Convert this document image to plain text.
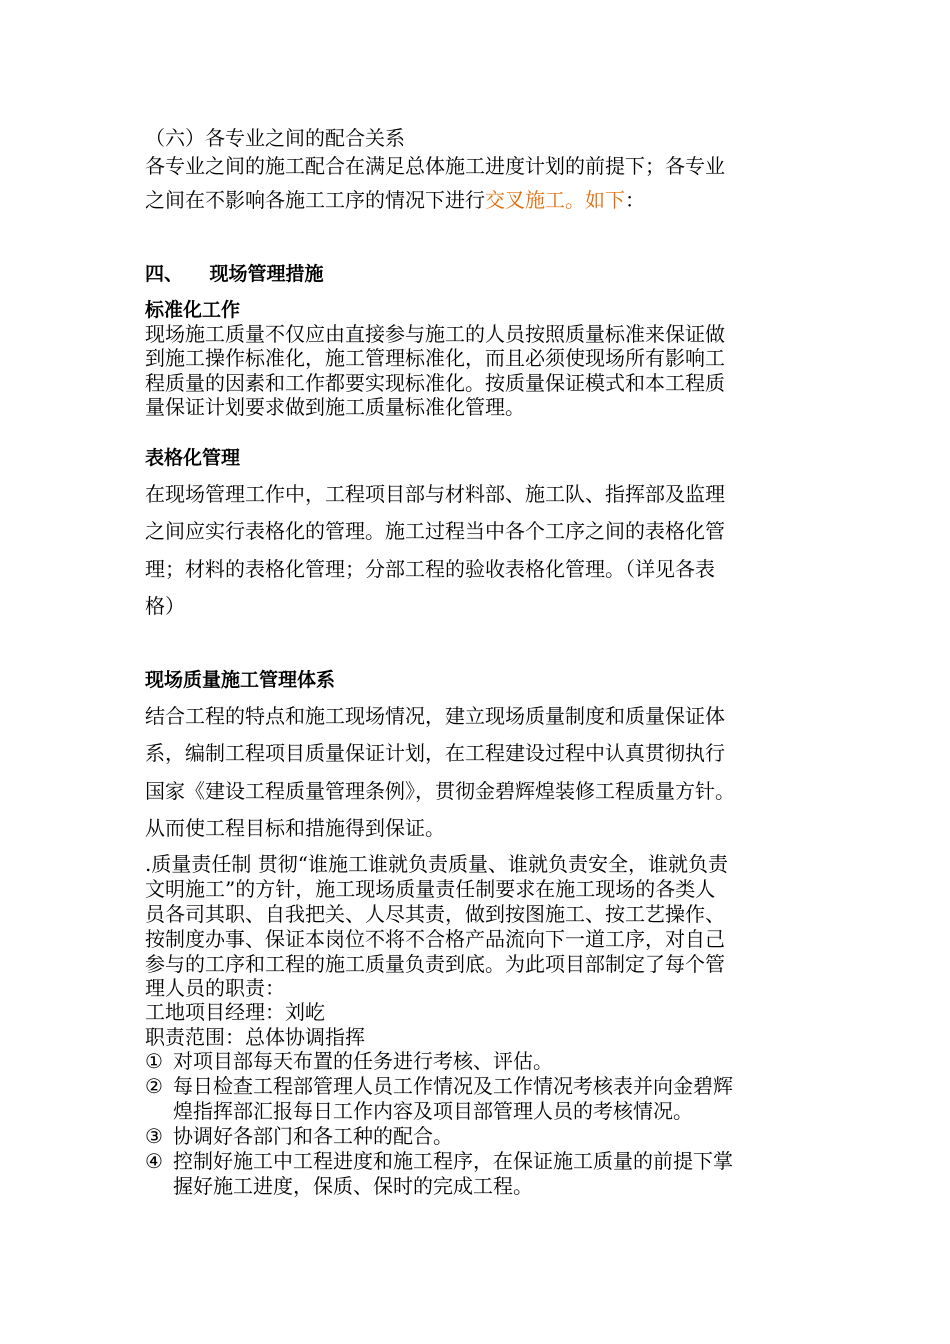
（六）各专业之间的配合关系
各专业之间的施工配合在满足总体施工进度计划的前提下；各专业
之间在不影响各施工工序的情况下进行交叉施工。如下：
四、    现场管理措施
标准化工作
现场施工质量不仅应由直接参与施工的人员按照质量标准来保证做
到施工操作标准化，施工管理标准化，而且必须使现场所有影响工
程质量的因素和工作都要实现标准化。按质量保证模式和本工程质
量保证计划要求做到施工质量标准化管理。
表格化管理
在现场管理工作中，工程项目部与材料部、施工队、指挥部及监理
之间应实行表格化的管理。施工过程当中各个工序之间的表格化管
理；材料的表格化管理；分部工程的验收表格化管理。（详见各表
格）
现场质量施工管理体系
结合工程的特点和施工现场情况，建立现场质量制度和质量保证体
系，编制工程项目质量保证计划，在工程建设过程中认真贯彻执行
国家《建设工程质量管理条例》，贯彻金碧辉煌装修工程质量方针。
从而使工程目标和措施得到保证。
.质量责任制 贯彻“谁施工谁就负责质量、谁就负责安全，谁就负责
文明施工”的方针，施工现场质量责任制要求在施工现场的各类人
员各司其职、自我把关、人尽其责，做到按图施工、按工艺操作、
按制度办事、保证本岗位不将不合格产品流向下一道工序，对自己
参与的工序和工程的施工质量负责到底。为此项目部制定了每个管
理人员的职责：
工地项目经理：刘屹
职责范围：总体协调指挥
① 对项目部每天布置的任务进行考核、评估。
② 每日检查工程部管理人员工作情况及工作情况考核表并向金碧辉
煌指挥部汇报每日工作内容及项目部管理人员的考核情况。
③ 协调好各部门和各工种的配合。
④ 控制好施工中工程进度和施工程序，在保证施工质量的前提下掌
握好施工进度，保质、保时的完成工程。
